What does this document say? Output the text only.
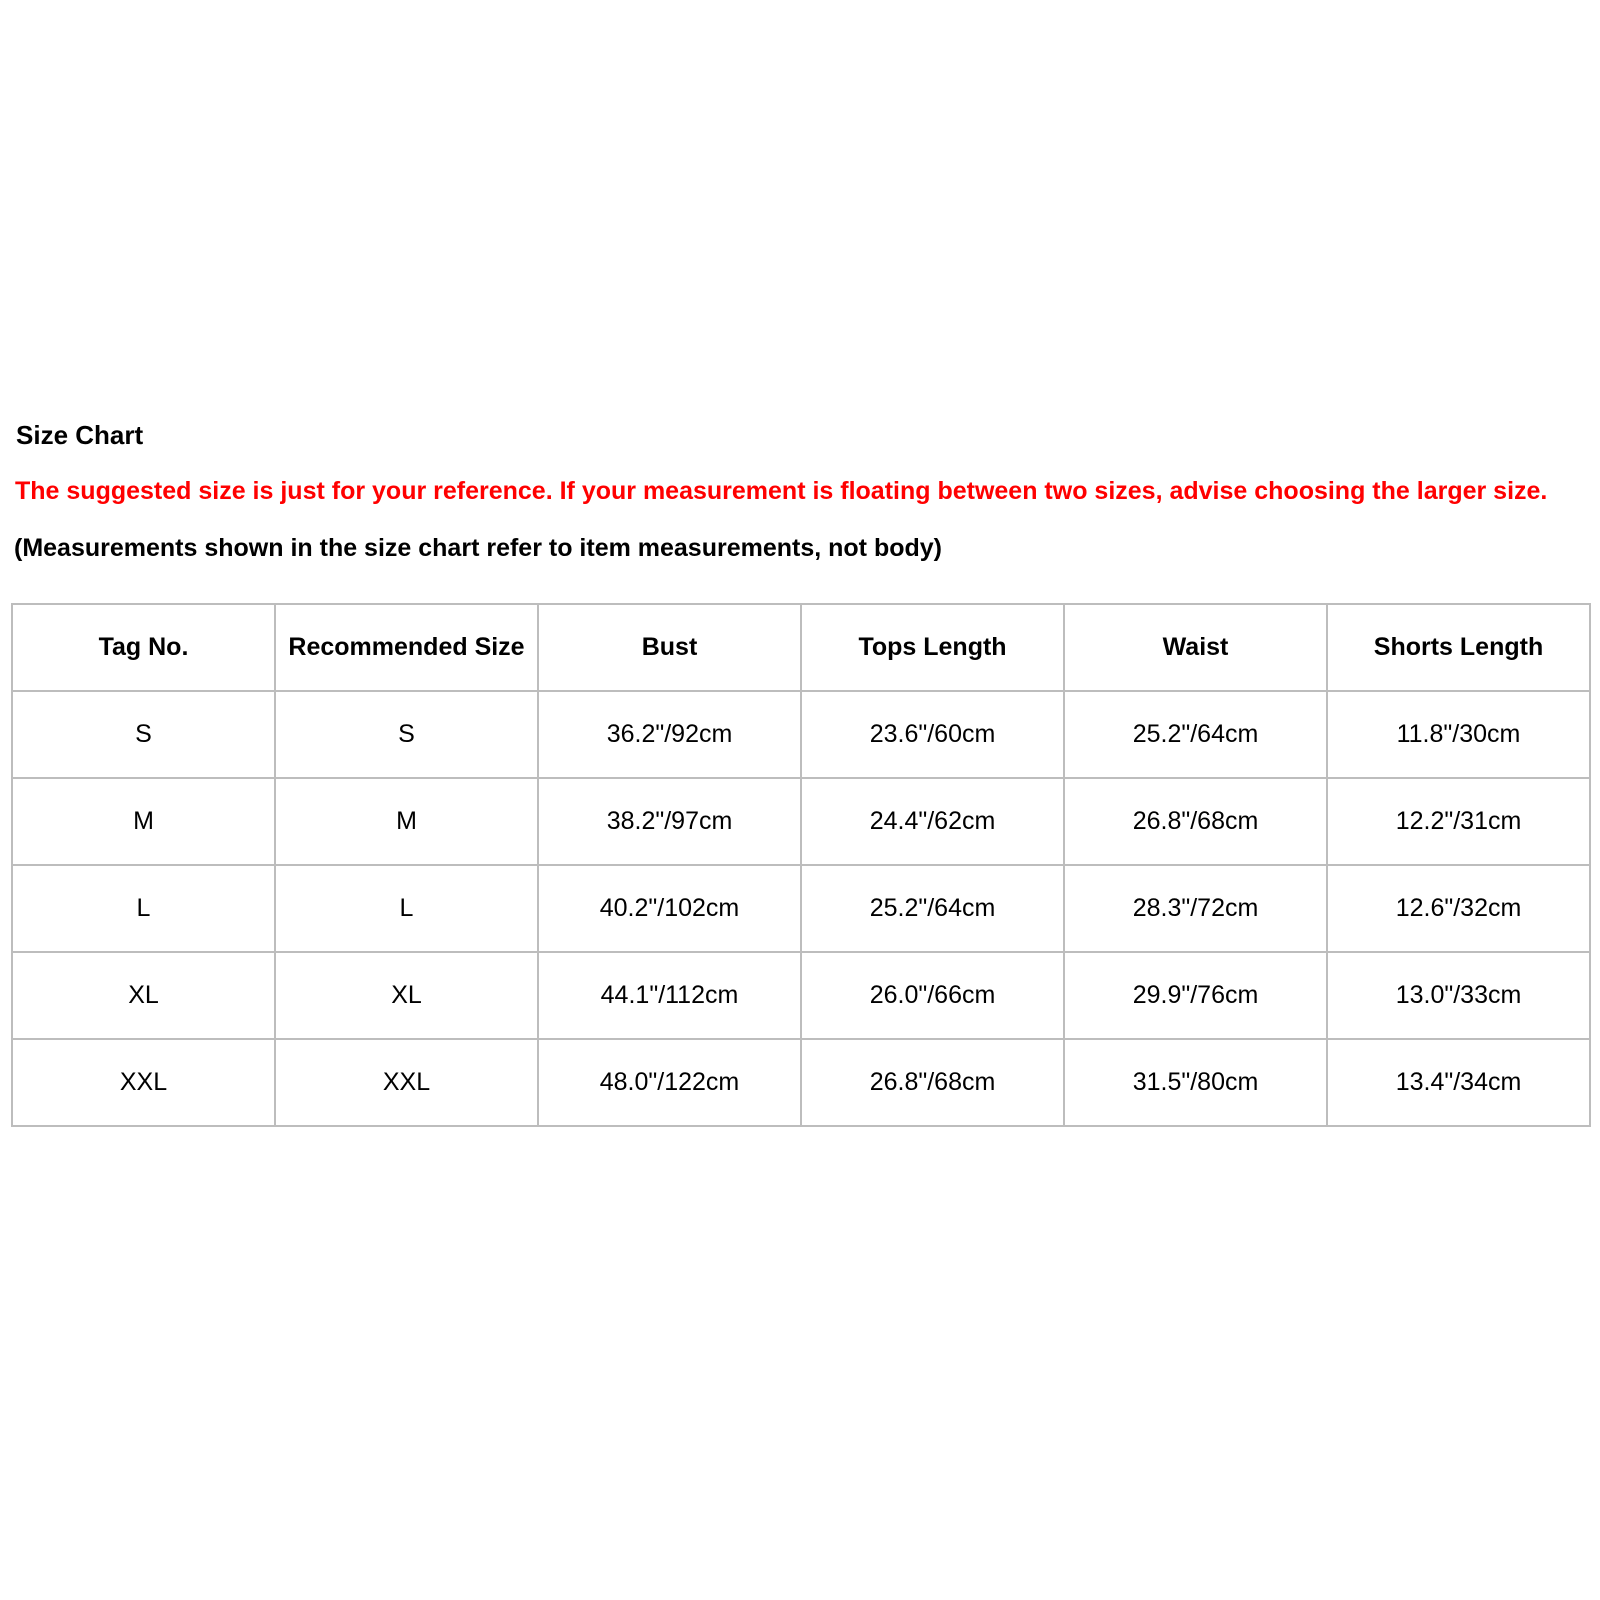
Size Chart
The suggested size is just for your reference. If your measurement is floating between two sizes, advise choosing the larger size.
(Measurements shown in the size chart refer to item measurements, not body)
Tag No.	Recommended Size	Bust	Tops Length	Waist	Shorts Length
S	S	36.2"/92cm	23.6"/60cm	25.2"/64cm	11.8"/30cm
M	M	38.2"/97cm	24.4"/62cm	26.8"/68cm	12.2"/31cm
L	L	40.2"/102cm	25.2"/64cm	28.3"/72cm	12.6"/32cm
XL	XL	44.1"/112cm	26.0"/66cm	29.9"/76cm	13.0"/33cm
XXL	XXL	48.0"/122cm	26.8"/68cm	31.5"/80cm	13.4"/34cm
